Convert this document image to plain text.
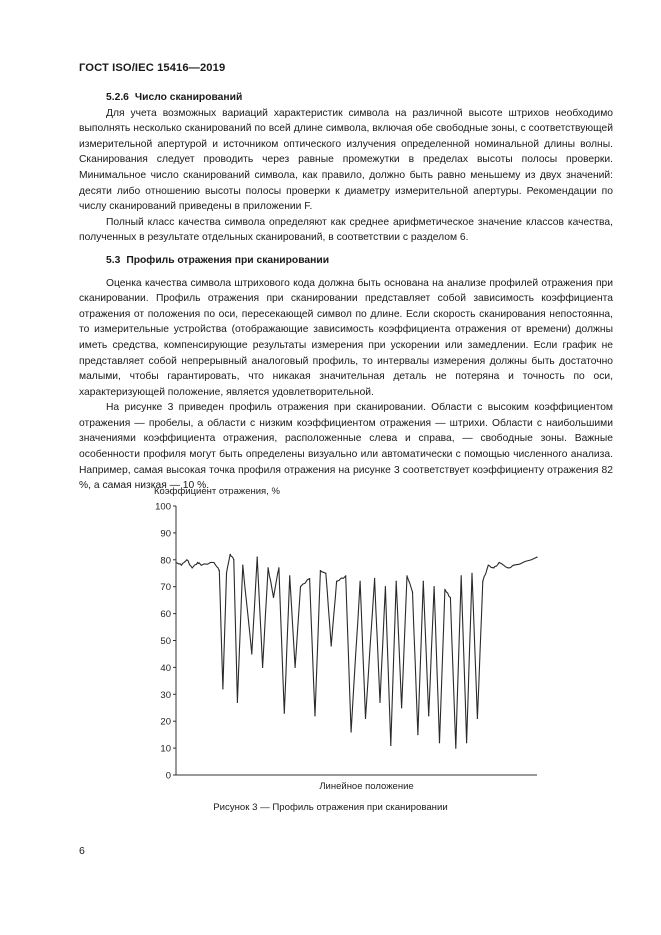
ГОСТ ISO/IEC 15416—2019

5.2.6 Число сканирований

Для учета возможных вариаций характеристик символа на различной высоте штрихов необходимо выполнять несколько сканирований по всей длине символа, включая обе свободные зоны, с соответствующей измерительной апертурой и источником оптического излучения определенной номинальной длины волны. Сканирования следует проводить через равные промежутки в пределах высоты полосы проверки. Минимальное число сканирований символа, как правило, должно быть равно меньшему из двух значений: десяти либо отношению высоты полосы проверки к диаметру измерительной апертуры. Рекомендации по числу сканирований приведены в приложении F.

Полный класс качества символа определяют как среднее арифметическое значение классов качества, полученных в результате отдельных сканирований, в соответствии с разделом 6.

5.3 Профиль отражения при сканировании

Оценка качества символа штрихового кода должна быть основана на анализе профилей отражения при сканировании. Профиль отражения при сканировании представляет собой зависимость коэффициента отражения от положения по оси, пересекающей символ по длине. Если скорость сканирования непостоянна, то измерительные устройства (отображающие зависимость коэффициента отражения от времени) должны иметь средства, компенсирующие результаты измерения при ускорении или замедлении. Если график не представляет собой непрерывный аналоговый профиль, то интервалы измерения должны быть достаточно малыми, чтобы гарантировать, что никакая значительная деталь не потеряна и точность по оси, характеризующей положение, является удовлетворительной.

На рисунке 3 приведен профиль отражения при сканировании. Области с высоким коэффициентом отражения — пробелы, а области с низким коэффициентом отражения — штрихи. Области с наибольшими значениями коэффициента отражения, расположенные слева и справа, — свободные зоны. Важные особенности профиля могут быть определены визуально или автоматически с помощью численного анализа. Например, самая высокая точка профиля отражения на рисунке 3 соответствует коэффициенту отражения 82 %, а самая низкая — 10 %.

0
10
20
30
40
50
60
70
80
90
100
Коэффициент отражения, %
Линейное положение
Рисунок 3 — Профиль отражения при сканировании
6
